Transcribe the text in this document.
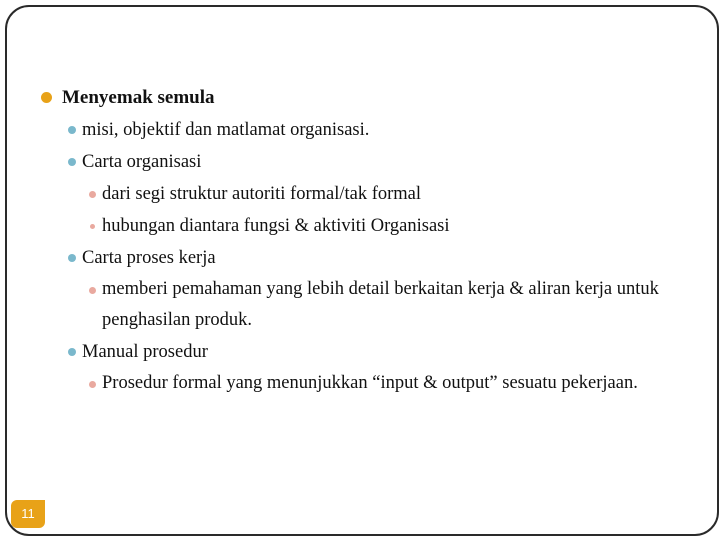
Menyemak semula
misi, objektif dan matlamat organisasi.
Carta organisasi
dari segi struktur autoriti formal/tak formal
hubungan diantara fungsi & aktiviti Organisasi
Carta proses kerja
memberi pemahaman yang lebih detail berkaitan kerja & aliran kerja untuk penghasilan produk.
Manual prosedur
Prosedur formal yang menunjukkan “input & output” sesuatu pekerjaan.
11
